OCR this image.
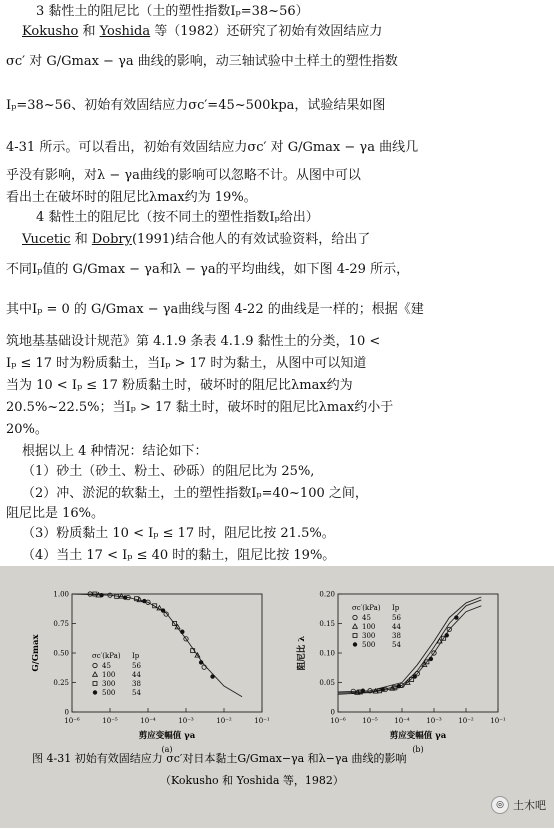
3 黏性土的阻尼比（土的塑性指数Iₚ=38~56）
Kokusho 和 Yoshida 等（1982）还研究了初始有效固结应力
σc′ 对 G/Gmax − γa 曲线的影响，动三轴试验中土样土的塑性指数
Iₚ=38~56、初始有效固结应力σc′=45~500kpa，试验结果如图
4-31 所示。可以看出，初始有效固结应力σc′ 对 G/Gmax − γa 曲线几
乎没有影响，对λ − γa曲线的影响可以忽略不计。从图中可以
看出土在破坏时的阻尼比λmax约为 19%。
4 黏性土的阻尼比（按不同土的塑性指数Iₚ给出）
Vucetic 和 Dobry(1991)结合他人的有效试验资料，给出了
不同Iₚ值的 G/Gmax − γa和λ − γa的平均曲线，如下图 4-29 所示，
其中Iₚ = 0 的 G/Gmax − γa曲线与图 4-22 的曲线是一样的；根据《建
筑地基基础设计规范》第 4.1.9 条表 4.1.9 黏性土的分类，10 <
Iₚ ≤ 17 时为粉质黏土，当Iₚ > 17 时为黏土，从图中可以知道
当为 10 < Iₚ ≤ 17 粉质黏土时，破坏时的阻尼比λmax约为
20.5%~22.5%；当Iₚ > 17 黏土时，破坏时的阻尼比λmax约小于
20%。
根据以上 4 种情况：结论如下：
（1）砂土（砂土、粉土、砂砾）的阻尼比为 25%,
（2）冲、淤泥的软黏土，土的塑性指数Iₚ=40~100 之间，
阻尼比是 16%。
（3）粉质黏土 10 < Iₚ ≤ 17 时，阻尼比按 21.5%。
（4）当土 17 < Iₚ ≤ 40 时的黏土，阻尼比按 19%。
10⁻⁶	10⁻⁵	10⁻⁴	10⁻³	10⁻²	10⁻¹
0
0.25
0.50
0.75
1.00
剪应变幅值 γa
G/Gmax
(a)
σc′(kPa) Ip
45	56
100 44
300 38
500 54
10⁻⁶ 10⁻⁵ 10⁻⁴ 10⁻³ 10⁻² 10⁻¹
0
0.05
0.10
0.15
0.20
剪应变幅值 γa
阻尼比 λ
(b)
σc′(kPa) Ip
45	56
100 44
300 38
500 54
图 4-31 初始有效固结应力 σc′对日本黏土G/Gmax−γa 和λ−γa 曲线的影响
（Kokusho 和 Yoshida 等，1982）
◎ 土木吧
